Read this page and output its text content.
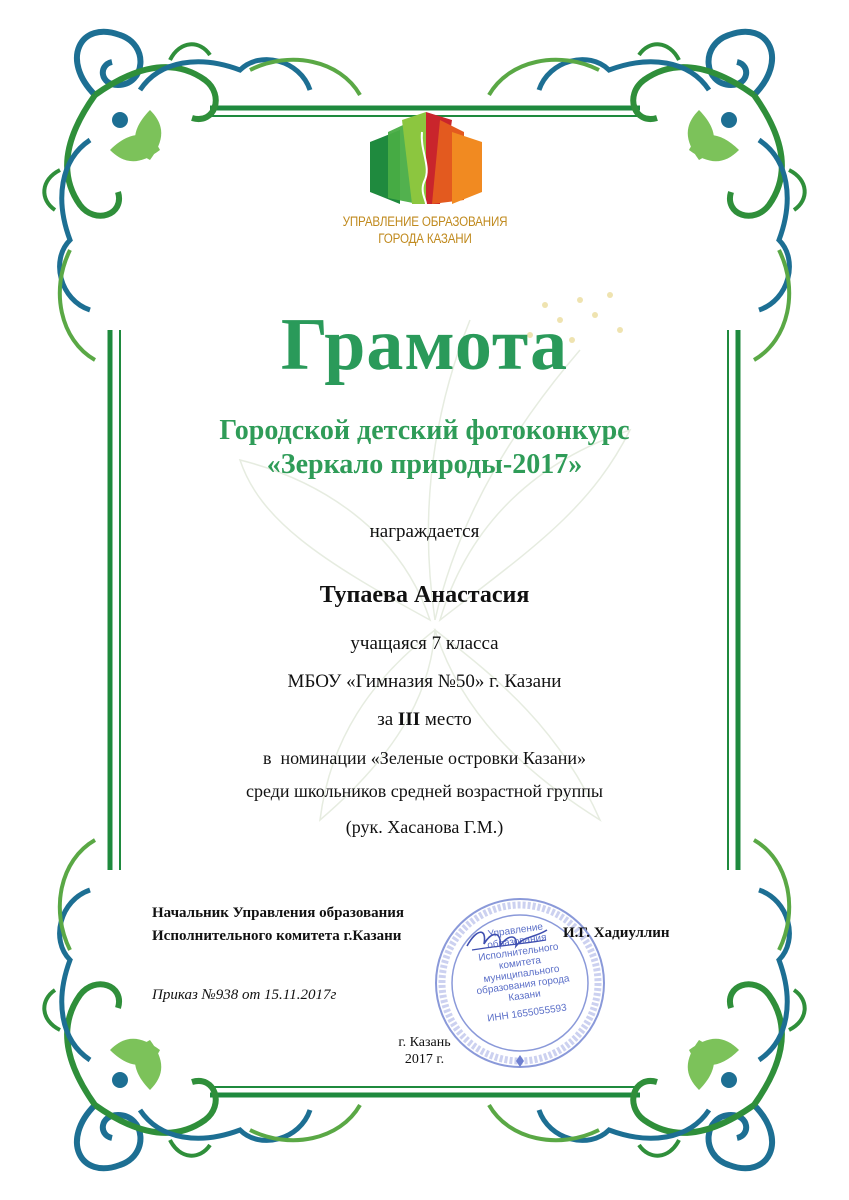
УПРАВЛЕНИЕ ОБРАЗОВАНИЯ
ГОРОДА КАЗАНИ
Грамота
Городской детский фотоконкурс
«Зеркало природы-2017»
награждается
Тупаева Анастасия
учащаяся 7 класса
МБОУ «Гимназия №50» г. Казани
за III место
в  номинации «Зеленые островки Казани»
среди школьников средней возрастной группы
(рук. Хасанова Г.М.)
Управление образования Исполнительного комитета муниципального образования города Казани
ИНН 1655055593
Начальник Управления образования
Исполнительного комитета г.Казани	И.Г. Хадиуллин
Приказ №938 от 15.11.2017г
г. Казань
2017 г.
